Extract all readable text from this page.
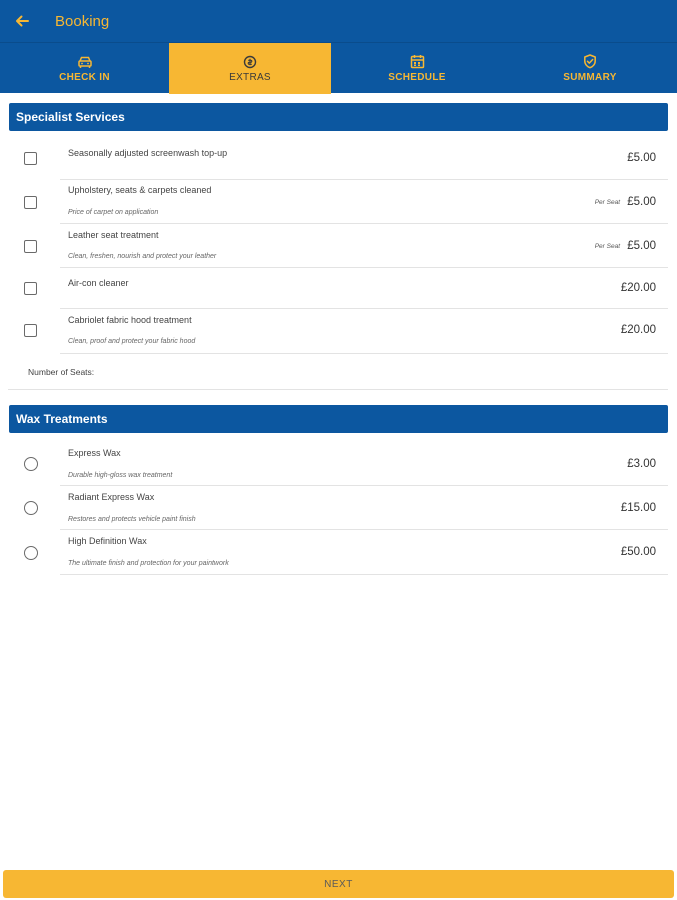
Booking
CHECK IN	EXTRAS	SCHEDULE	SUMMARY
Specialist Services
Seasonally adjusted screenwash top-up	£5.00
Upholstery, seats & carpets cleaned
Price of carpet on application
Per Seat £5.00
Leather seat treatment
Clean, freshen, nourish and protect your leather
Per Seat £5.00
Air-con cleaner	£20.00
Cabriolet fabric hood treatment
Clean, proof and protect your fabric hood
£20.00
Number of Seats:
Wax Treatments
Express Wax
Durable high-gloss wax treatment
£3.00
Radiant Express Wax
Restores and protects vehicle paint finish
£15.00
High Definition Wax
The ultimate finish and protection for your paintwork
£50.00
NEXT
